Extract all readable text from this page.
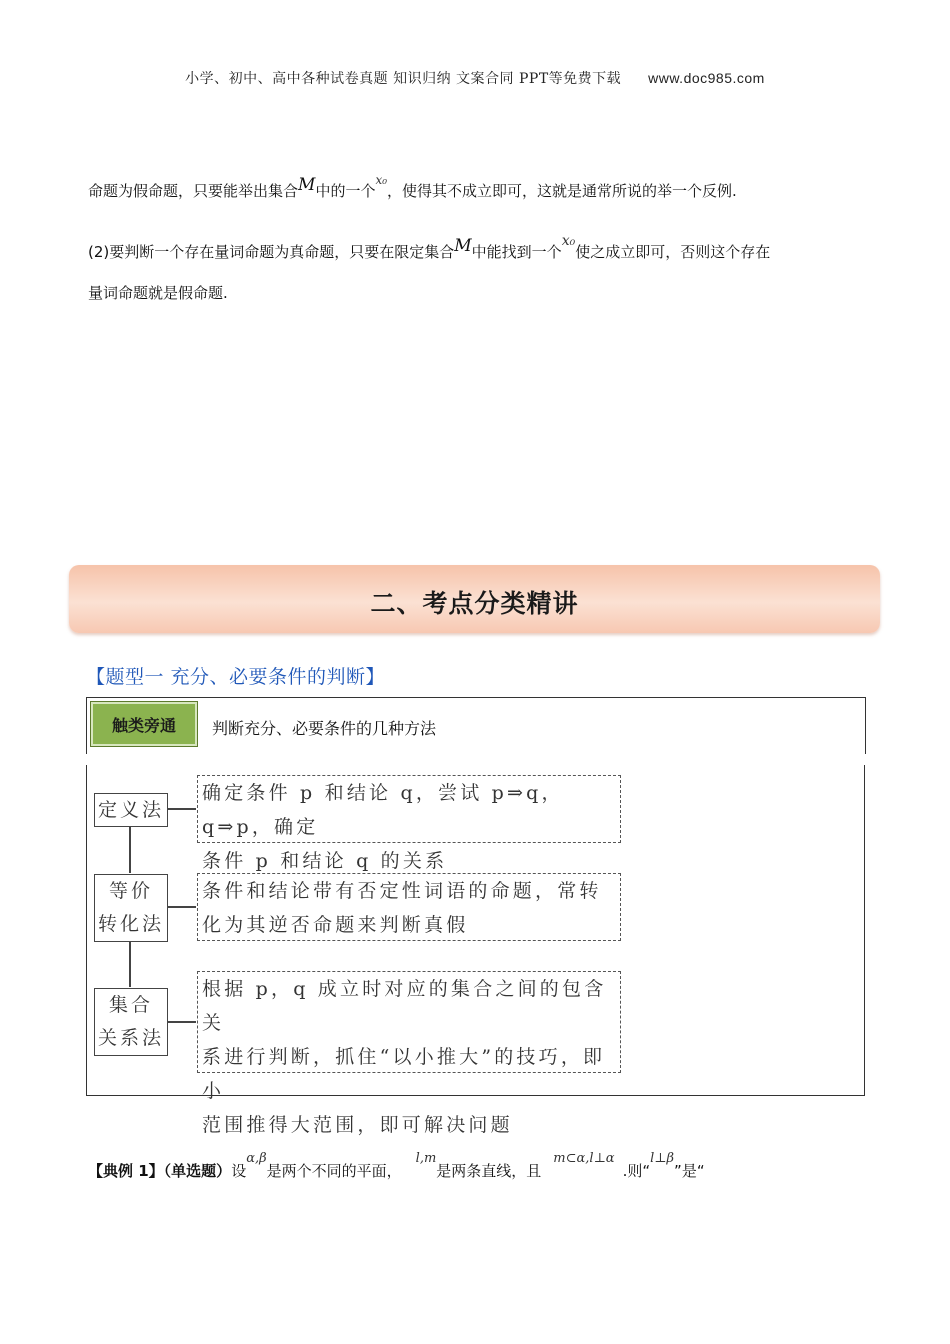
小学、初中、高中各种试卷真题 知识归纳 文案合同 PPT等免费下载 www.doc985.com
命题为假命题，只要能举出集合M中的一个$^{x_0}$，使得其不成立即可，这就是通常所说的举一个反例.
(2)要判断一个存在量词命题为真命题，只要在限定集合M中能找到一个x₀使之成立即可，否则这个存在
量词命题就是假命题.
二、考点分类精讲
【题型一 充分、必要条件的判断】
触类旁通	判断充分、必要条件的几种方法
定义法
确定条件 p 和结论 q，尝试 p⇒q，q⇒p，确定
条件 p 和结论 q 的关系
等价
转化法
条件和结论带有否定性词语的命题，常转
化为其逆否命题来判断真假
集合
关系法
根据 p，q 成立时对应的集合之间的包含关
系进行判断，抓住“以小推大”的技巧，即小
范围推得大范围，即可解决问题
【典例 1】（单选题）设α,β是两个不同的平面，l,m是两条直线，且m⊂α,l⊥α.则“l⊥β”是“
